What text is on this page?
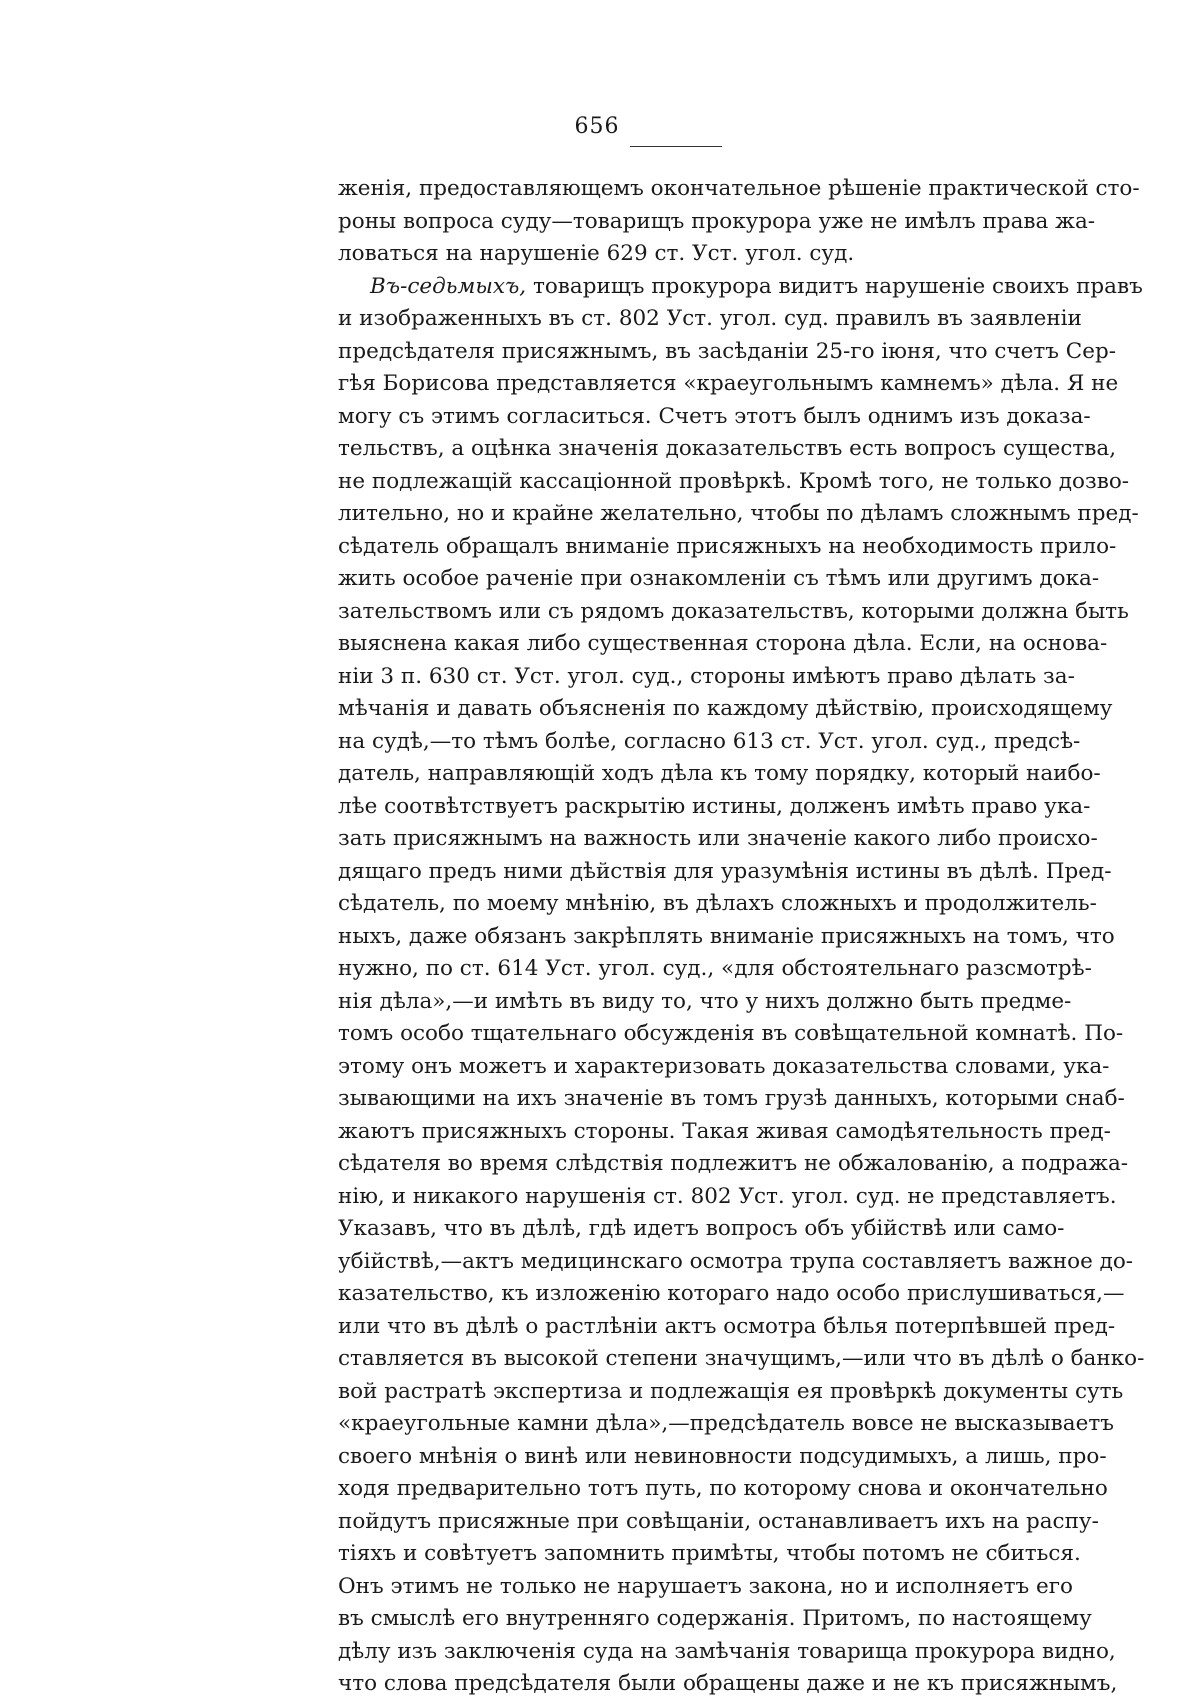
656
женія, предоставляющемъ окончательное рѣшеніе практической сто-
роны вопроса суду—товарищъ прокурора уже не имѣлъ права жа-
ловаться на нарушеніе 629 ст. Уст. угол. суд.
Въ-седьмыхъ, товарищъ прокурора видитъ нарушеніе своихъ правъ
и изображенныхъ въ ст. 802 Уст. угол. суд. правилъ въ заявленіи
предсѣдателя присяжнымъ, въ засѣданіи 25-го іюня, что счетъ Сер-
гѣя Борисова представляется «краеугольнымъ камнемъ» дѣла. Я не
могу съ этимъ согласиться. Счетъ этотъ былъ однимъ изъ доказа-
тельствъ, а оцѣнка значенія доказательствъ есть вопросъ существа,
не подлежащій кассаціонной провѣркѣ. Кромѣ того, не только дозво-
лительно, но и крайне желательно, чтобы по дѣламъ сложнымъ пред-
сѣдатель обращалъ вниманіе присяжныхъ на необходимость прило-
жить особое раченіе при ознакомленіи съ тѣмъ или другимъ дока-
зательствомъ или съ рядомъ доказательствъ, которыми должна быть
выяснена какая либо существенная сторона дѣла. Если, на основа-
ніи 3 п. 630 ст. Уст. угол. суд., стороны имѣютъ право дѣлать за-
мѣчанія и давать объясненія по каждому дѣйствію, происходящему
на судѣ,—то тѣмъ болѣе, согласно 613 ст. Уст. угол. суд., предсѣ-
датель, направляющій ходъ дѣла къ тому порядку, который наибо-
лѣе соотвѣтствуетъ раскрытію истины, долженъ имѣть право ука-
зать присяжнымъ на важность или значеніе какого либо происхо-
дящаго предъ ними дѣйствія для уразумѣнія истины въ дѣлѣ. Пред-
сѣдатель, по моему мнѣнію, въ дѣлахъ сложныхъ и продолжитель-
ныхъ, даже обязанъ закрѣплять вниманіе присяжныхъ на томъ, что
нужно, по ст. 614 Уст. угол. суд., «для обстоятельнаго разсмотрѣ-
нія дѣла»,—и имѣть въ виду то, что у нихъ должно быть предме-
томъ особо тщательнаго обсужденія въ совѣщательной комнатѣ. По-
этому онъ можетъ и характеризовать доказательства словами, ука-
зывающими на ихъ значеніе въ томъ грузѣ данныхъ, которыми снаб-
жаютъ присяжныхъ стороны. Такая живая самодѣятельность пред-
сѣдателя во время слѣдствія подлежитъ не обжалованію, а подража-
нію, и никакого нарушенія ст. 802 Уст. угол. суд. не представляетъ.
Указавъ, что въ дѣлѣ, гдѣ идетъ вопросъ объ убійствѣ или само-
убійствѣ,—актъ медицинскаго осмотра трупа составляетъ важное до-
казательство, къ изложенію котораго надо особо прислушиваться,—
или что въ дѣлѣ о растлѣніи актъ осмотра бѣлья потерпѣвшей пред-
ставляется въ высокой степени значущимъ,—или что въ дѣлѣ о банко-
вой растратѣ экспертиза и подлежащія ея провѣркѣ документы суть
«краеугольные камни дѣла»,—предсѣдатель вовсе не высказываетъ
своего мнѣнія о винѣ или невиновности подсудимыхъ, а лишь, про-
ходя предварительно тотъ путь, по которому снова и окончательно
пойдутъ присяжные при совѣщаніи, останавливаетъ ихъ на распу-
тіяхъ и совѣтуетъ запомнить примѣты, чтобы потомъ не сбиться.
Онъ этимъ не только не нарушаетъ закона, но и исполняетъ его
въ смыслѣ его внутренняго содержанія. Притомъ, по настоящему
дѣлу изъ заключенія суда на замѣчанія товарища прокурора видно,
что слова предсѣдателя были обращены даже и не къ присяжнымъ,
